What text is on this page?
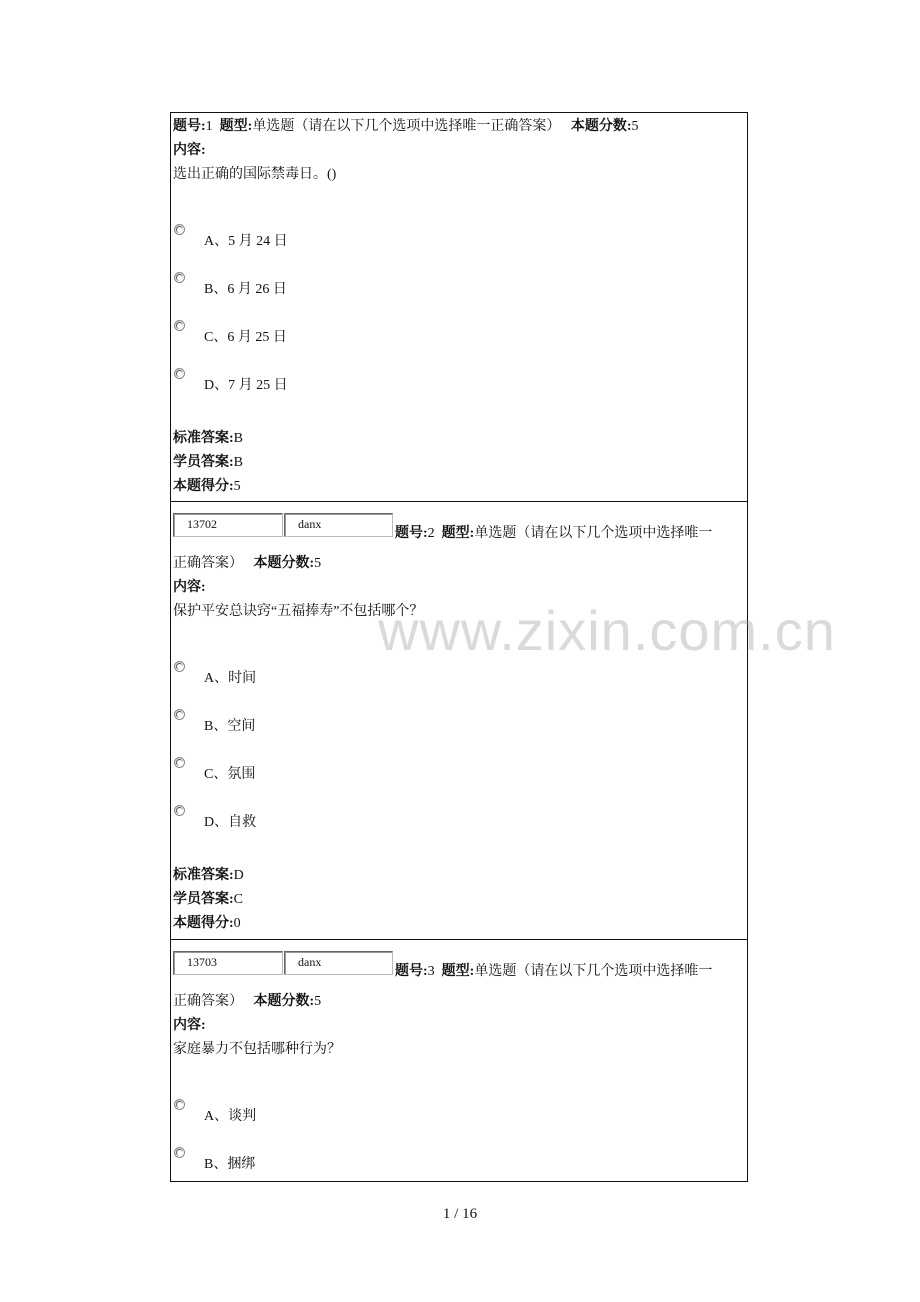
题号:1 题型:单选题（请在以下几个选项中选择唯一正确答案） 本题分数:5
内容:
选出正确的国际禁毒日。()
A、5 月 24 日
B、6 月 26 日
C、6 月 25 日
D、7 月 25 日
标准答案:B
学员答案:B
本题得分:5
13702	danx
题号:2 题型:单选题（请在以下几个选项中选择唯一
正确答案） 本题分数:5
内容:
保护平安总诀窍“五福捧寿”不包括哪个？
A、时间
B、空间
C、氛围
D、自救
标准答案:D
学员答案:C
本题得分:0
13703	danx
题号:3 题型:单选题（请在以下几个选项中选择唯一
正确答案） 本题分数:5
内容:
家庭暴力不包括哪种行为？
A、谈判
B、捆绑
www.zixin.com.cn
1 / 16
